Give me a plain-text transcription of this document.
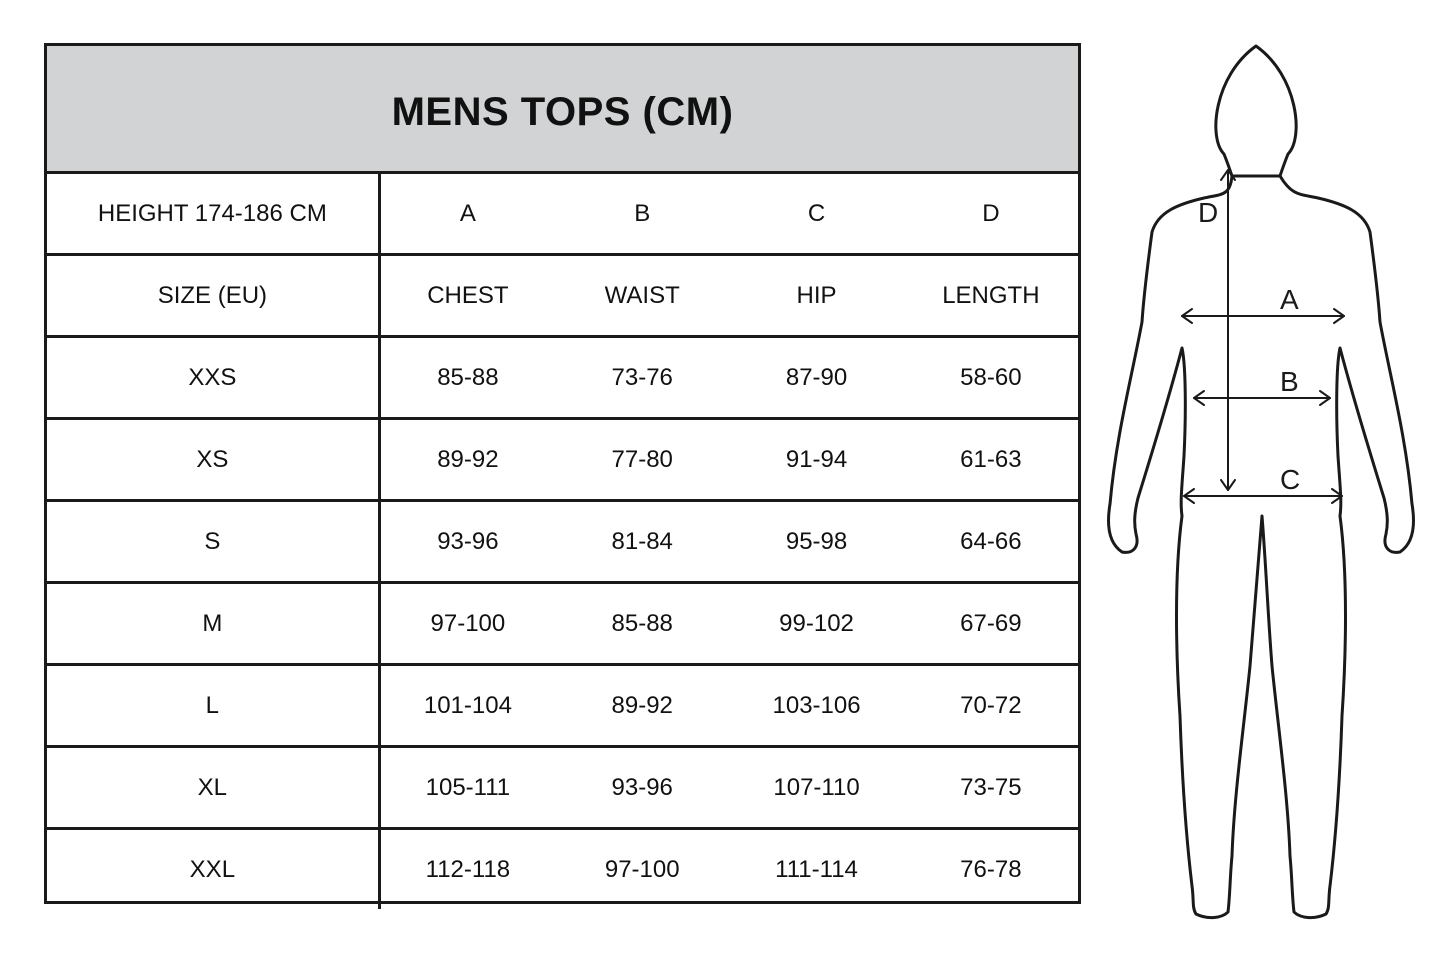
MENS TOPS (CM)
HEIGHT 174-186 CM	A	B	C	D
SIZE (EU)	CHEST	WAIST	HIP	LENGTH
XXS	85-88	73-76	87-90	58-60
XS	89-92	77-80	91-94	61-63
S	93-96	81-84	95-98	64-66
M	97-100	85-88	99-102	67-69
L	101-104	89-92	103-106	70-72
XL	105-111	93-96	107-110	73-75
XXL	112-118	97-100	111-114	76-78
D
A
B
C
